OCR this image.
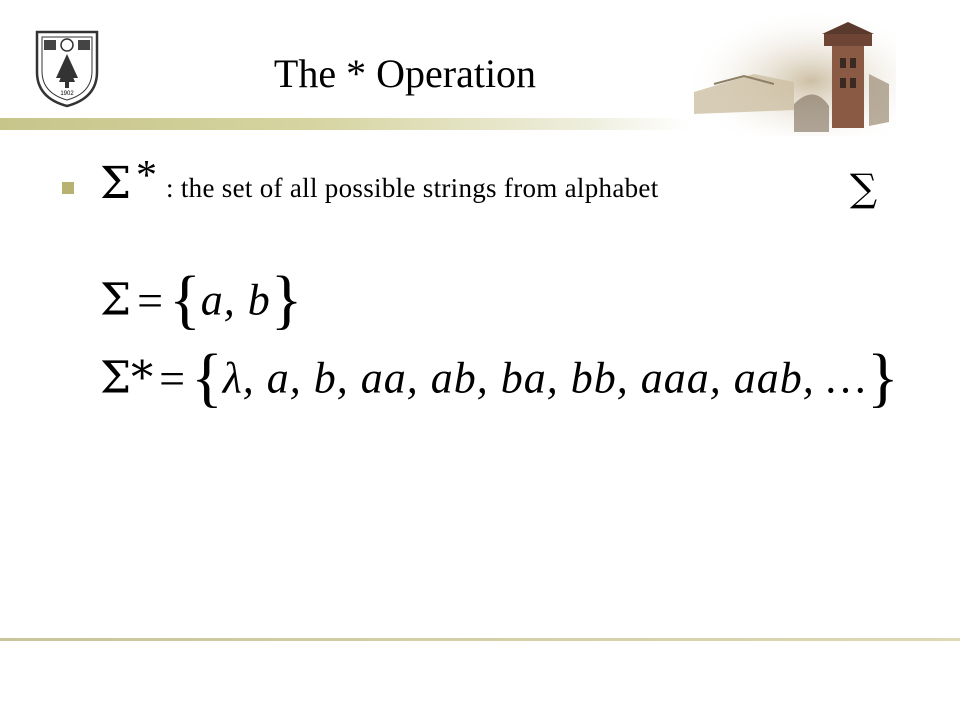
1902	The * Operation
Σ * : the set of all possible strings from alphabet	∑
Σ ={a, b}
Σ* ={λ, a, b, aa, ab, ba, bb, aaa, aab, …}
